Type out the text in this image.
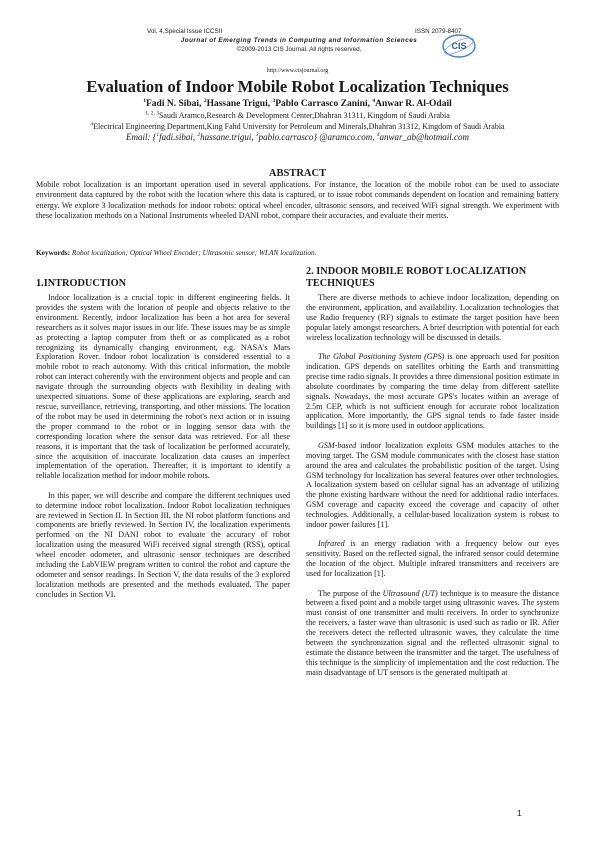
Vol. 4,Special Issue ICCSII	ISSN 2079-8407
Journal of Emerging Trends in Computing and Information Sciences
©2009-2013 CIS Journal. All rights reserved.	CIS
http://www.cisjournal.org
Evaluation of Indoor Mobile Robot Localization Techniques
$^1$Fadi N. Sibai, $^2$Hassane Trigui, $^3$Pablo Carrasco Zanini, $^4$Anwar R. Al-Odail
$^{1, 2, 3}$Saudi Aramco,Research & Development Center,Dhahran 31311, Kingdom of Saudi Arabia
$^4$Electrical Engineering Department,King Fahd University for Petroleum and Minerals,Dhahran 31312, Kingdom of Saudi Arabia
Email: {$^1$fadi.sibai, $^2$hassane.trigui, $^3$pablo.carrasco} @aramco.com, $^4$anwar_ab@hotmail.com
ABSTRACT
Mobile robot localization is an important operation used in several applications. For instance, the location of the mobile robot can be used to associate environment data captured by the robot with the location where this data is captured, or to issue robot commands dependent on location and remaining battery energy. We explore 3 localization methods for indoor robots: optical wheel encoder, ultrasonic sensors, and received WiFi signal strength. We experiment with these localization methods on a National Instruments wheeled DANI robot, compare their accuracies, and evaluate their merits.
Keywords: Robot localization; Optical Wheel Encoder; Ultrasonic sensor; WLAN localization.
1.INTRODUCTION

Indoor localization is a crucial topic in different engineering fields. It provides the system with the location of people and objects relative to the environment. Recently, indoor localization has been a hot area for several researchers as it solves major issues in our life. These issues may be as simple as protecting a laptop computer from theft or as complicated as a robot recognizing its dynamically changing environment, e.g. NASA's Mars Exploration Rover. Indoor robot localization is considered essential to a mobile robot to reach autonomy. With this critical information, the mobile robot can interact coherently with the environment objects and people and can navigate through the surrounding objects with flexibility in dealing with unexpected situations. Some of these applications are exploring, search and rescue, surveillance, retrieving, transporting, and other missions. The location of the robot may be used in determining the robot's next action or in issuing the proper command to the robot or in logging sensor data with the corresponding location where the sensor data was retrieved. For all these reasons, it is important that the task of localization be performed accurately, since the acquisition of inaccurate localization data causes an imperfect implementation of the operation. Thereafter, it is important to identify a reliable localization method for indoor mobile robots.

In this paper, we will describe and compare the different techniques used to determine indoor robot localization. Indoor Robot localization techniques are reviewed in Section II. In Section III, the NI robot platform functions and components are briefly reviewed. In Section IV, the localization experiments performed on the NI DANI robot to evaluate the accuracy of robot localization using the measured WiFi received signal strength (RSS), optical wheel encoder odometer, and ultrasonic sensor techniques are described including the LabVIEW program written to control the robot and capture the odometer and sensor readings. In Section V, the data results of the 3 explored localization methods are presented and the methods evaluated. The paper concludes in Section VI.

2. INDOOR MOBILE ROBOT LOCALIZATION TECHNIQUES

There are diverse methods to achieve indoor localization, depending on the environment, application, and availability. Localization technologies that use Radio frequency (RF) signals to estimate the target position have been popular lately amongst researchers. A brief description with potential for each wireless localization technology will be discussed in details.

The Global Positioning System (GPS) is one approach used for position indication. GPS depends on satellites orbiting the Earth and transmitting precise time radio signals. It provides a three dimensional position estimate in absolute coordinates by comparing the time delay from different satellite signals. Nowadays, the most accurate GPS's locates within an average of 2.5m CEP, which is not sufficient enough for accurate robot localization application. More importantly, the GPS signal tends to fade faster inside buildings [1] so it is more used in outdoor applications.

GSM-based indoor localization exploits GSM modules attaches to the moving target. The GSM module communicates with the closest base station around the area and calculates the probabilistic position of the target. Using GSM technology for localization has several features over other technologies. A localization system based on cellular signal has an advantage of utilizing the phone existing hardware without the need for additional radio interfaces. GSM coverage and capacity exceed the coverage and capacity of other technologies. Additionally, a cellular-based localization system is robust to indoor power failures [1].

Infrared is an energy radiation with a frequency below our eyes sensitivity. Based on the reflected signal, the infrared sensor could determine the location of the object. Multiple infrared transmitters and receivers are used for localization [1].

The purpose of the Ultrasound (UT) technique is to measure the distance between a fixed point and a mobile target using ultrasonic waves. The system must consist of one transmitter and multi receivers. In order to synchronize the receivers, a faster wave than ultrasonic is used such as radio or IR. After the receivers detect the reflected ultrasonic waves, they calculate the time between the synchronization signal and the reflected ultrasonic signal to estimate the distance between the transmitter and the target. The usefulness of this technique is the simplicity of implementation and the cost reduction. The main disadvantage of UT sensors is the generated multipath at

1
